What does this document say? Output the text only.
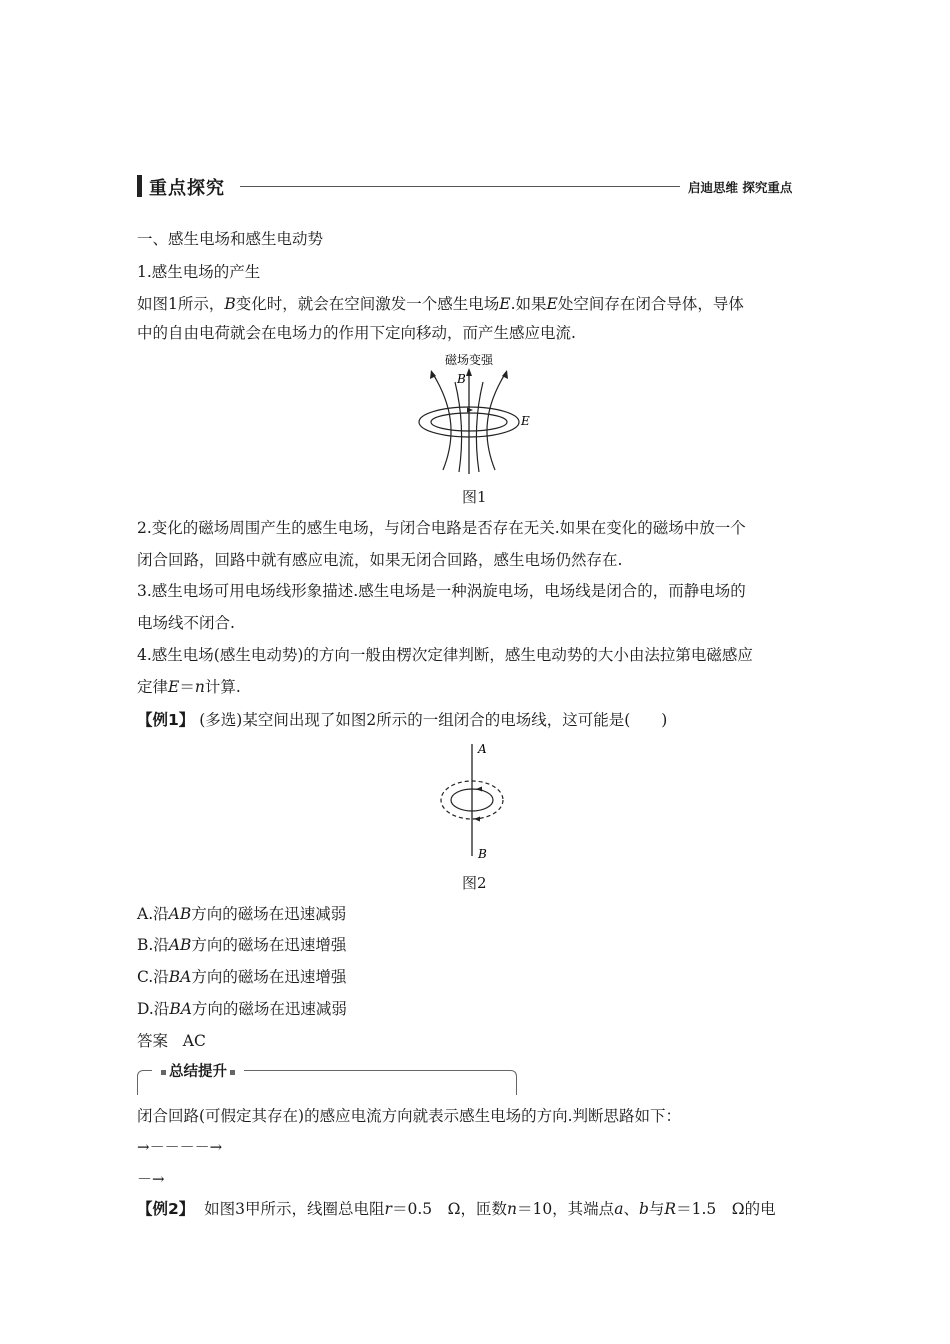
重点探究	启迪思维 探究重点
一、感生电场和感生电动势
1.感生电场的产生
如图1所示，B变化时，就会在空间激发一个感生电场E.如果E处空间存在闭合导体，导体
中的自由电荷就会在电场力的作用下定向移动，而产生感应电流.
磁场变强
B
E
图1
2.变化的磁场周围产生的感生电场，与闭合电路是否存在无关.如果在变化的磁场中放一个
闭合回路，回路中就有感应电流，如果无闭合回路，感生电场仍然存在.
3.感生电场可用电场线形象描述.感生电场是一种涡旋电场，电场线是闭合的，而静电场的
电场线不闭合.
4.感生电场(感生电动势)的方向一般由楞次定律判断，感生电动势的大小由法拉第电磁感应
定律E＝n计算.
【例1】 (多选)某空间出现了如图2所示的一组闭合的电场线，这可能是(　　)
A
B
图2
A.沿AB方向的磁场在迅速减弱
B.沿AB方向的磁场在迅速增强
C.沿BA方向的磁场在迅速增强
D.沿BA方向的磁场在迅速减弱
答案 AC
总结提升
闭合回路(可假定其存在)的感应电流方向就表示感生电场的方向.判断思路如下：
→－－－－→
－→
【例2】 如图3甲所示，线圈总电阻r＝0.5　Ω，匝数n＝10，其端点a、b与R＝1.5　Ω的电
